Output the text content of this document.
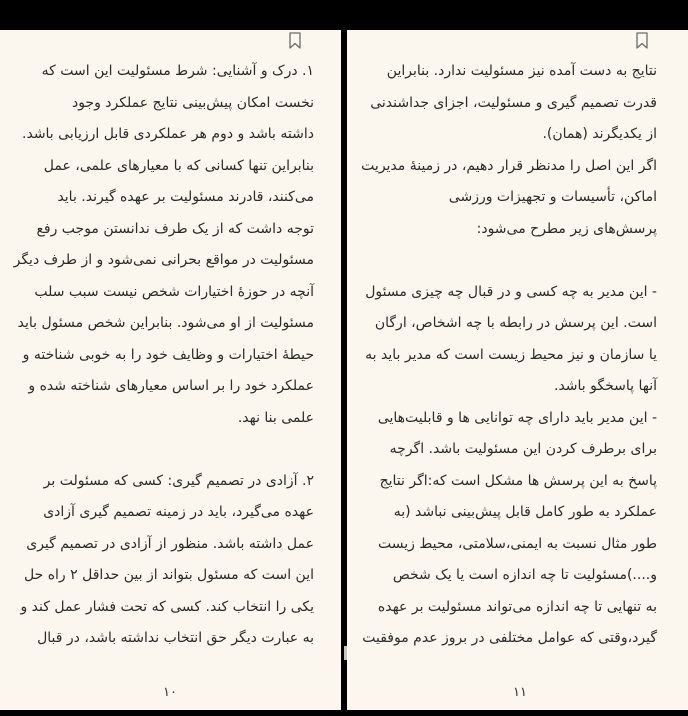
۱. درک و آشنایی: شرط مسئولیت این است که
نخست امکان پیش‌بینی نتایج عملکرد وجود
داشته باشد و دوم هر عملکردی قابل ارزیابی باشد.
بنابراین تنها کسانی که با معیارهای علمی، عمل
می‌کنند، قادرند مسئولیت بر عهده گیرند. باید
توجه داشت که از یک طرف ندانستن موجب رفع
مسئولیت در مواقع بحرانی نمی‌شود و از طرف دیگر
آنچه در حوزهٔ اختیارات شخص نیست سبب سلب
مسئولیت از او می‌شود. بنابراین شخص مسئول باید
حیطهٔ اختیارات و وظایف خود را به خوبی شناخته و
عملکرد خود را بر اساس معیارهای شناخته شده و
علمی بنا نهد.
۲. آزادی در تصمیم گیری: کسی که مسئولت بر
عهده می‌گیرد، باید در زمینه تصمیم گیری آزادی
عمل داشته باشد. منظور از آزادی در تصمیم گیری
این است که مسئول بتواند از بین حداقل ۲ راه حل
یکی را انتخاب کند. کسی که تحت فشار عمل کند و
به عبارت دیگر حق انتخاب نداشته باشد، در قبال
۱۰
نتایج به دست آمده نیز مسئولیت ندارد. بنابراین
قدرت تصمیم گیری و مسئولیت، اجزای جداشندنی
از یکدیگرند (همان).
اگر این اصل را مدنظر قرار دهیم، در زمینهٔ مدیریت
اماکن، تأسیسات و تجهیزات ورزشی
پرسش‌های زیر مطرح می‌شود:
- این مدیر به چه کسی و در قبال چه چیزی مسئول
است. این پرسش در رابطه با چه اشخاص، ارگان
یا سازمان و نیز محیط زیست است که مدیر باید به
آنها پاسخگو باشد.
- این مدیر باید دارای چه توانایی ها و قابلیت‌هایی
برای برطرف کردن این مسئولیت باشد. اگرچه
پاسخ به این پرسش ها مشکل است که:اگر نتایج
عملکرد به طور کامل قابل پیش‌بینی نباشد (به
طور مثال نسبت به ایمنی،سلامتی، محیط زیست
و....)مسئولیت تا چه اندازه است یا یک شخص
به تنهایی تا چه اندازه می‌تواند مسئولیت بر عهده
گیرد،وقتی که عوامل مختلفی در بروز عدم موفقیت
۱۱
